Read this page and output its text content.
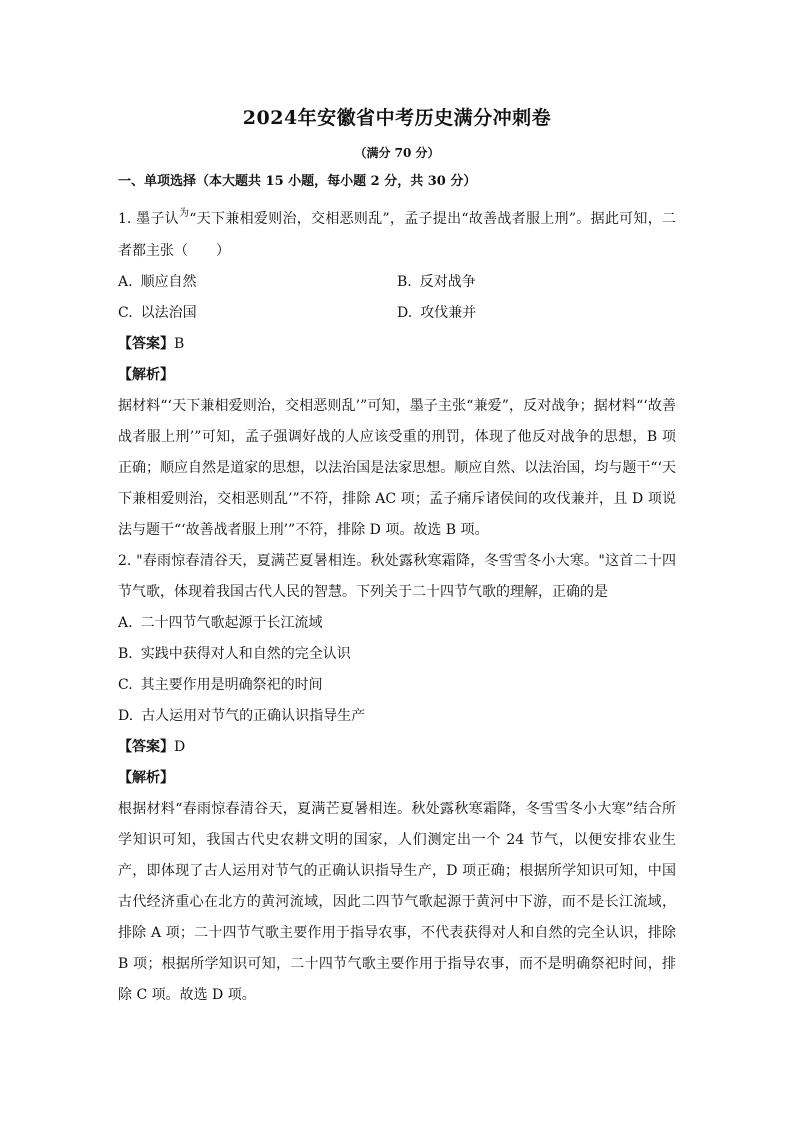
2024年安徽省中考历史满分冲刺卷

（满分 70 分）

一、单项选择（本大题共 15 小题，每小题 2 分，共 30 分）

1. 墨子认$^为$“天下兼相爱则治，交相恶则乱”，孟子提出“故善战者服上刑”。据此可知，二者都主张（　　）

A. 顺应自然	B. 反对战争
C. 以法治国	D. 攻伐兼并
【答案】B
【解析】

据材料“‘天下兼相爱则治，交相恶则乱’”可知，墨子主张“兼爱”，反对战争；据材料“‘故善战者服上刑’”可知，孟子强调好战的人应该受重的刑罚，体现了他反对战争的思想，B 项正确；顺应自然是道家的思想，以法治国是法家思想。顺应自然、以法治国，均与题干“‘天下兼相爱则治，交相恶则乱’”不符，排除 AC 项；孟子痛斥诸侯间的攻伐兼并，且 D 项说法与题干“‘故善战者服上刑’”不符，排除 D 项。故选 B 项。

2. "春雨惊春清谷天，夏满芒夏暑相连。秋处露秋寒霜降，冬雪雪冬小大寒。"这首二十四节气歌，体现着我国古代人民的智慧。下列关于二十四节气歌的理解，正确的是

A. 二十四节气歌起源于长江流域
B. 实践中获得对人和自然的完全认识
C. 其主要作用是明确祭祀的时间
D. 古人运用对节气的正确认识指导生产
【答案】D
【解析】

根据材料“春雨惊春清谷天，夏满芒夏暑相连。秋处露秋寒霜降，冬雪雪冬小大寒”结合所学知识可知，我国古代史农耕文明的国家，人们测定出一个 24 节气，以便安排农业生产，即体现了古人运用对节气的正确认识指导生产，D 项正确；根据所学知识可知，中国古代经济重心在北方的黄河流域，因此二四节气歌起源于黄河中下游，而不是长江流域，排除 A 项；二十四节气歌主要作用于指导农事，不代表获得对人和自然的完全认识，排除 B 项；根据所学知识可知，二十四节气歌主要作用于指导农事，而不是明确祭祀时间，排除 C 项。故选 D 项。
